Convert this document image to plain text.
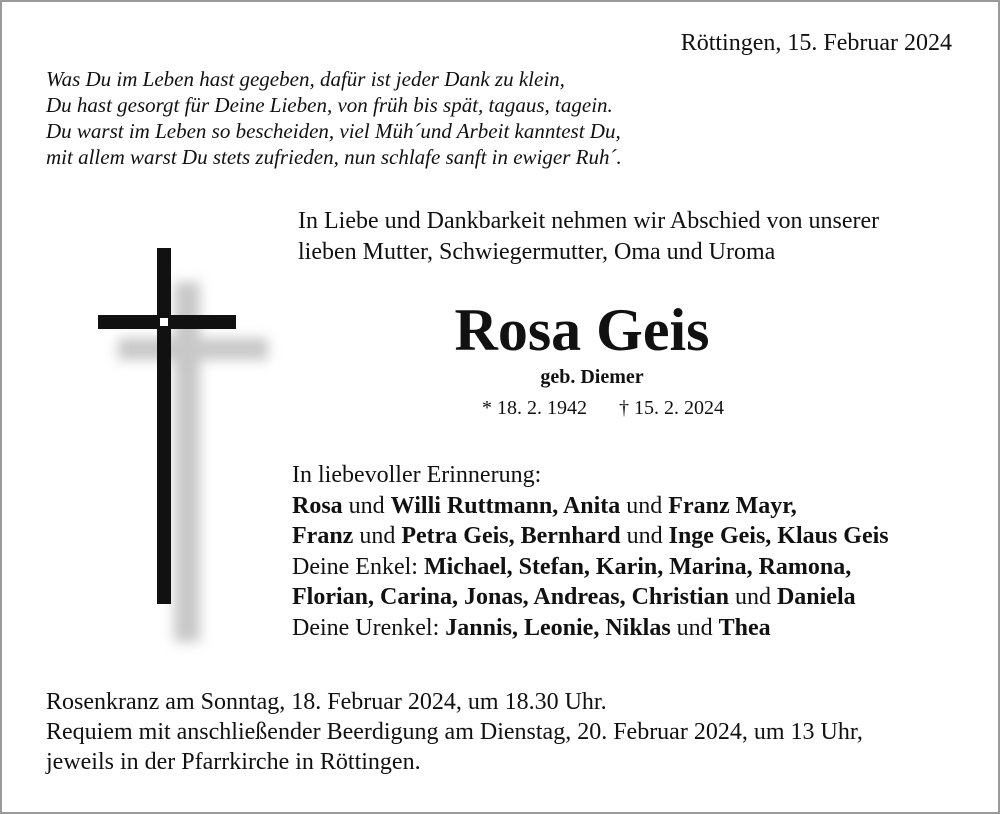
Röttingen, 15. Februar 2024
Was Du im Leben hast gegeben, dafür ist jeder Dank zu klein,
Du hast gesorgt für Deine Lieben, von früh bis spät, tagaus, tagein.
Du warst im Leben so bescheiden, viel Müh´und Arbeit kanntest Du,
mit allem warst Du stets zufrieden, nun schlafe sanft in ewiger Ruh´.
In Liebe und Dankbarkeit nehmen wir Abschied von unserer
lieben Mutter, Schwiegermutter, Oma und Uroma
Rosa Geis
geb. Diemer
* 18. 2. 1942 † 15. 2. 2024
In liebevoller Erinnerung:
Rosa und Willi Ruttmann, Anita und Franz Mayr,
Franz und Petra Geis, Bernhard und Inge Geis, Klaus Geis
Deine Enkel: Michael, Stefan, Karin, Marina, Ramona,
Florian, Carina, Jonas, Andreas, Christian und Daniela
Deine Urenkel: Jannis, Leonie, Niklas und Thea
Rosenkranz am Sonntag, 18. Februar 2024, um 18.30 Uhr.
Requiem mit anschließender Beerdigung am Dienstag, 20. Februar 2024, um 13 Uhr,
jeweils in der Pfarrkirche in Röttingen.
